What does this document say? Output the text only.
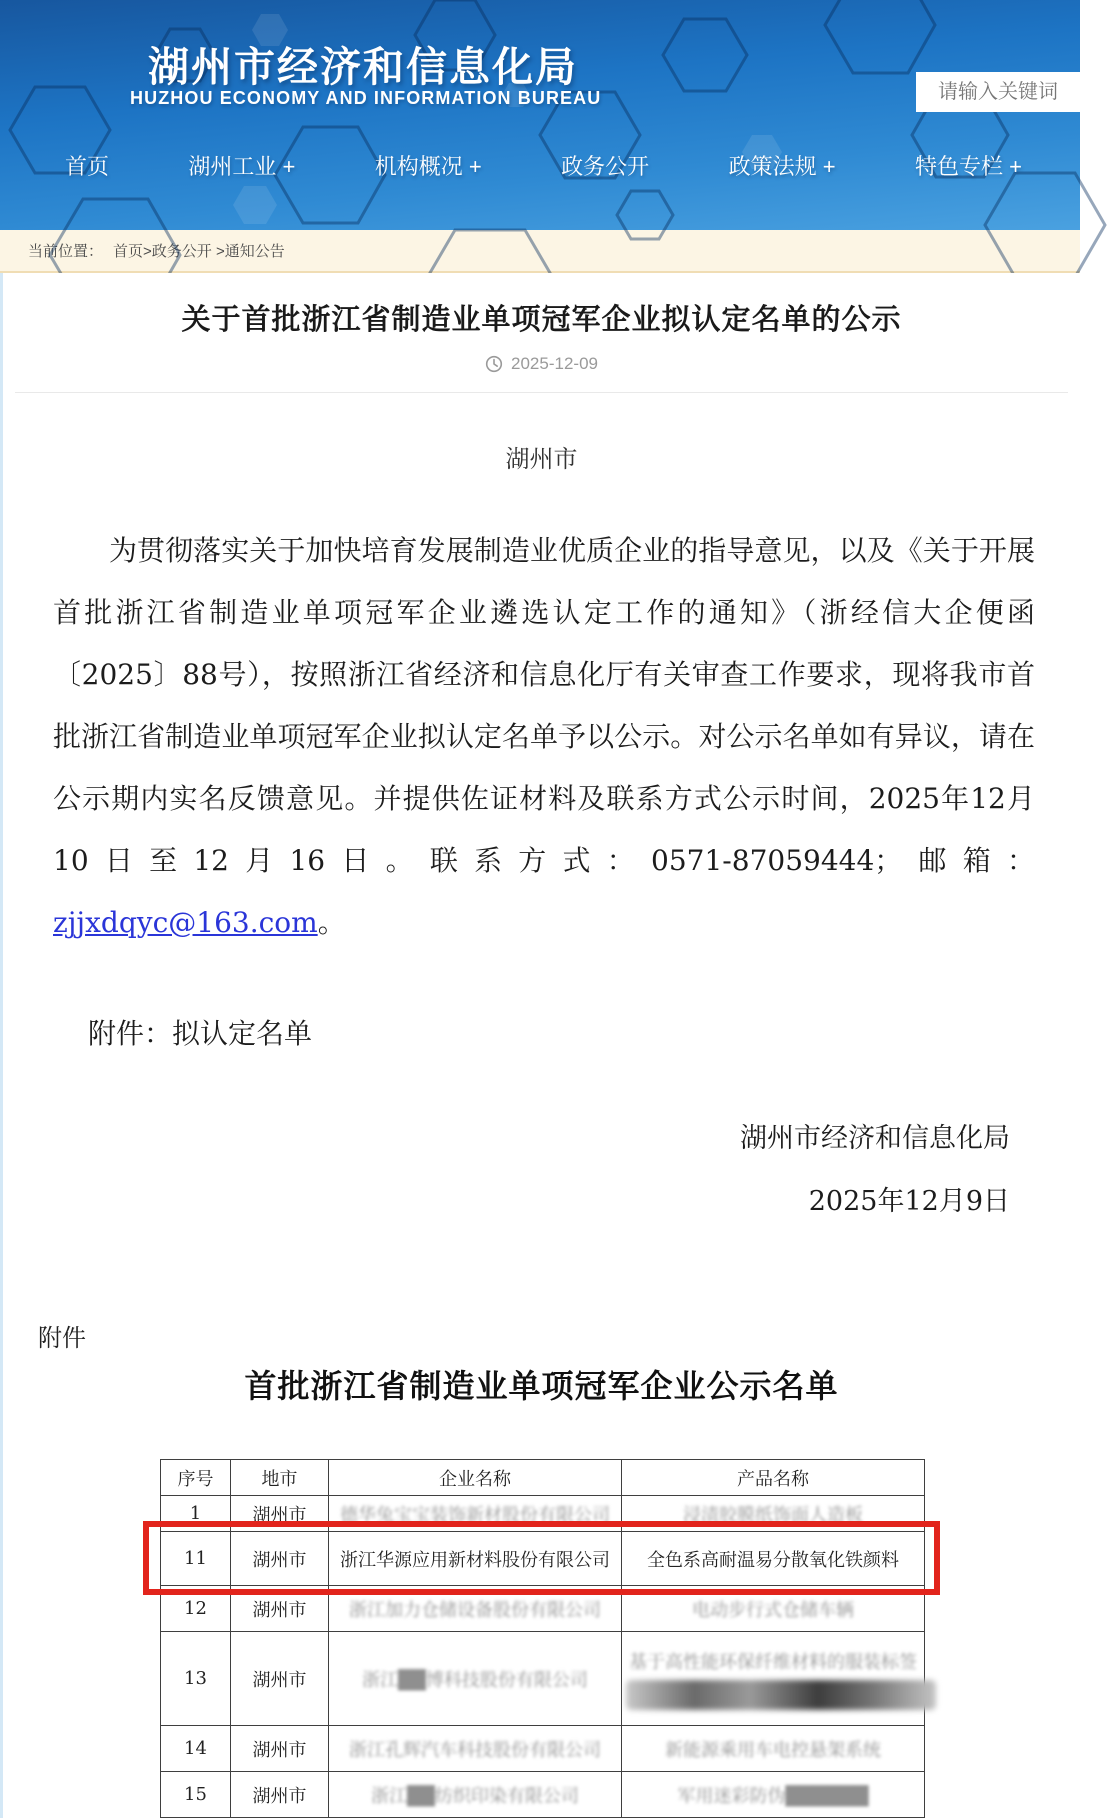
湖州市经济和信息化局
HUZHOU ECONOMY AND INFORMATION BUREAU
请输入关键词
首页	湖州工业 +	机构概况 +	政务公开	政策法规 +	特色专栏 +
当前位置： 首页>政务公开 >通知公告
关于首批浙江省制造业单项冠军企业拟认定名单的公示
2025-12-09
湖州市

为贯彻落实关于加快培育发展制造业优质企业的指导意见，以及《关于开展首批浙江省制造业单项冠军企业遴选认定工作的通知》（浙经信大企便函〔2025〕88号），按照浙江省经济和信息化厅有关审查工作要求，现将我市首批浙江省制造业单项冠军企业拟认定名单予以公示。对公示名单如有异议，请在公示期内实名反馈意见。并提供佐证材料及联系方式公示时间，2025年12月10日至12月16日。联系方式：0571-87059444；邮箱：zjjxdqyc@163.com。

附件：拟认定名单
湖州市经济和信息化局
2025年12月9日
附件
首批浙江省制造业单项冠军企业公示名单
序号	地市	企业名称	产品名称
1	湖州市	德华兔宝宝装饰新材股份有限公司	浸渍胶膜纸饰面人造板
11	湖州市	浙江华源应用新材料股份有限公司	全色系高耐温易分散氧化铁颜料
12	湖州市	浙江加力仓储设备股份有限公司	电动步行式仓储车辆
13	湖州市	浙江██博科技股份有限公司	基于高性能环保纤维材料的服装标签

14	湖州市	浙江孔辉汽车科技股份有限公司	新能源乘用车电控悬架系统
15	湖州市	浙江██纺织印染有限公司	军用迷彩防伪██████
